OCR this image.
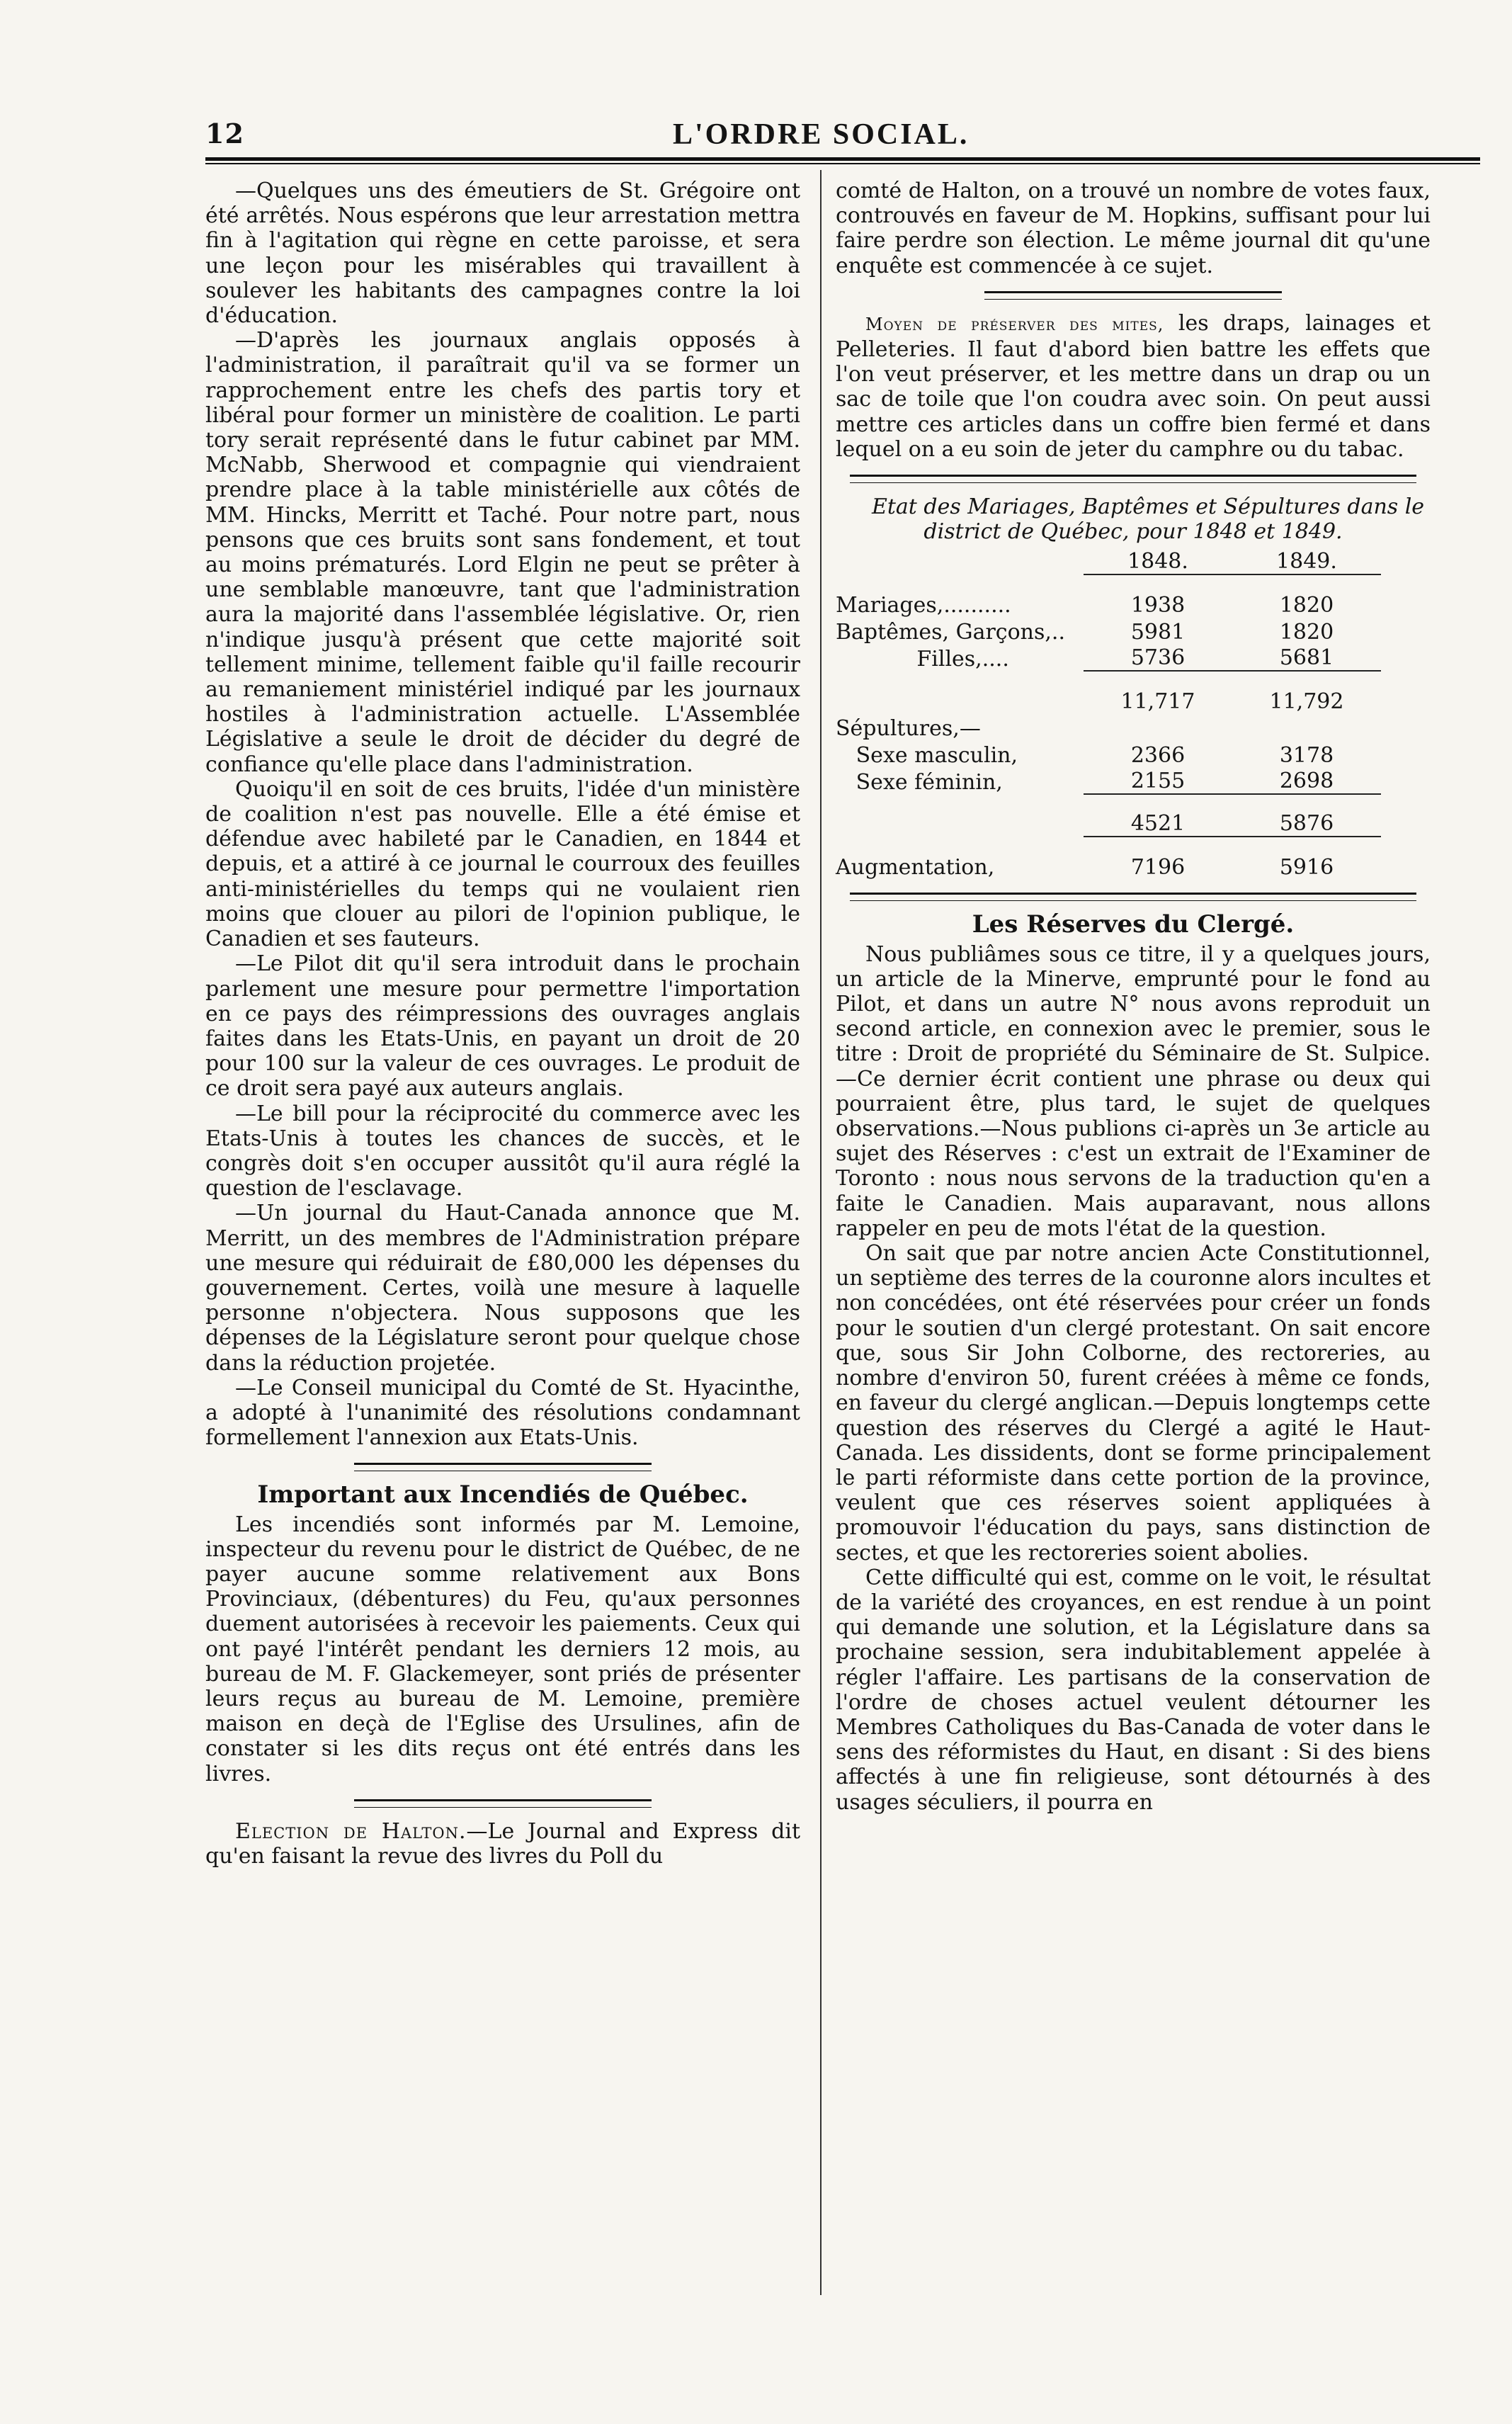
12	L'ORDRE SOCIAL.

—Quelques uns des émeutiers de St. Grégoire ont été arrêtés. Nous espérons que leur arrestation mettra fin à l'agitation qui règne en cette paroisse, et sera une leçon pour les misérables qui travaillent à soulever les habitants des campagnes contre la loi d'éducation.

—D'après les journaux anglais opposés à l'administration, il paraîtrait qu'il va se former un rapprochement entre les chefs des partis tory et libéral pour former un ministère de coalition. Le parti tory serait représenté dans le futur cabinet par MM. McNabb, Sherwood et compagnie qui viendraient prendre place à la table ministérielle aux côtés de MM. Hincks, Merritt et Taché. Pour notre part, nous pensons que ces bruits sont sans fondement, et tout au moins prématurés. Lord Elgin ne peut se prêter à une semblable manœuvre, tant que l'administration aura la majorité dans l'assemblée législative. Or, rien n'indique jusqu'à présent que cette majorité soit tellement minime, tellement faible qu'il faille recourir au remaniement ministériel indiqué par les journaux hostiles à l'administration actuelle. L'Assemblée Législative a seule le droit de décider du degré de confiance qu'elle place dans l'administration.

Quoiqu'il en soit de ces bruits, l'idée d'un ministère de coalition n'est pas nouvelle. Elle a été émise et défendue avec habileté par le Canadien, en 1844 et depuis, et a attiré à ce journal le courroux des feuilles anti-ministérielles du temps qui ne voulaient rien moins que clouer au pilori de l'opinion publique, le Canadien et ses fauteurs.

—Le Pilot dit qu'il sera introduit dans le prochain parlement une mesure pour permettre l'importation en ce pays des réimpressions des ouvrages anglais faites dans les Etats-Unis, en payant un droit de 20 pour 100 sur la valeur de ces ouvrages. Le produit de ce droit sera payé aux auteurs anglais.

—Le bill pour la réciprocité du commerce avec les Etats-Unis à toutes les chances de succès, et le congrès doit s'en occuper aussitôt qu'il aura réglé la question de l'esclavage.

—Un journal du Haut-Canada annonce que M. Merritt, un des membres de l'Administration prépare une mesure qui réduirait de £80,000 les dépenses du gouvernement. Certes, voilà une mesure à laquelle personne n'objectera. Nous supposons que les dépenses de la Législature seront pour quelque chose dans la réduction projetée.

—Le Conseil municipal du Comté de St. Hyacinthe, a adopté à l'unanimité des résolutions condamnant formellement l'annexion aux Etats-Unis.

Important aux Incendiés de Québec.

Les incendiés sont informés par M. Lemoine, inspecteur du revenu pour le district de Québec, de ne payer aucune somme relativement aux Bons Provinciaux, (débentures) du Feu, qu'aux personnes duement autorisées à recevoir les paiements. Ceux qui ont payé l'intérêt pendant les derniers 12 mois, au bureau de M. F. Glackemeyer, sont priés de présenter leurs reçus au bureau de M. Lemoine, première maison en deçà de l'Eglise des Ursulines, afin de constater si les dits reçus ont été entrés dans les livres.

Election de Halton.—Le Journal and Express dit qu'en faisant la revue des livres du Poll du

comté de Halton, on a trouvé un nombre de votes faux, controuvés en faveur de M. Hopkins, suffisant pour lui faire perdre son élection. Le même journal dit qu'une enquête est commencée à ce sujet.

Moyen de préserver des mites, les draps, lainages et Pelleteries. Il faut d'abord bien battre les effets que l'on veut préserver, et les mettre dans un drap ou un sac de toile que l'on coudra avec soin. On peut aussi mettre ces articles dans un coffre bien fermé et dans lequel on a eu soin de jeter du camphre ou du tabac.

Etat des Mariages, Baptêmes et Sépultures dans le district de Québec, pour 1848 et 1849.

1848.	1849.
Mariages,..........	1938	1820
Baptêmes, Garçons,..	5981	1820
Filles,....	5736	5681
11,717	11,792
Sépultures,—
Sexe masculin,	2366	3178
Sexe féminin,	2155	2698
4521	5876
Augmentation,	7196	5916
Les Réserves du Clergé.

Nous publiâmes sous ce titre, il y a quelques jours, un article de la Minerve, emprunté pour le fond au Pilot, et dans un autre N° nous avons reproduit un second article, en connexion avec le premier, sous le titre : Droit de propriété du Séminaire de St. Sulpice.—Ce dernier écrit contient une phrase ou deux qui pourraient être, plus tard, le sujet de quelques observations.—Nous publions ci-après un 3e article au sujet des Réserves : c'est un extrait de l'Examiner de Toronto : nous nous servons de la traduction qu'en a faite le Canadien. Mais auparavant, nous allons rappeler en peu de mots l'état de la question.

On sait que par notre ancien Acte Constitutionnel, un septième des terres de la couronne alors incultes et non concédées, ont été réservées pour créer un fonds pour le soutien d'un clergé protestant. On sait encore que, sous Sir John Colborne, des rectoreries, au nombre d'environ 50, furent créées à même ce fonds, en faveur du clergé anglican.—Depuis longtemps cette question des réserves du Clergé a agité le Haut-Canada. Les dissidents, dont se forme principalement le parti réformiste dans cette portion de la province, veulent que ces réserves soient appliquées à promouvoir l'éducation du pays, sans distinction de sectes, et que les rectoreries soient abolies.

Cette difficulté qui est, comme on le voit, le résultat de la variété des croyances, en est rendue à un point qui demande une solution, et la Législature dans sa prochaine session, sera indubitablement appelée à régler l'affaire. Les partisans de la conservation de l'ordre de choses actuel veulent détourner les Membres Catholiques du Bas-Canada de voter dans le sens des réformistes du Haut, en disant : Si des biens affectés à une fin religieuse, sont détournés à des usages séculiers, il pourra en
